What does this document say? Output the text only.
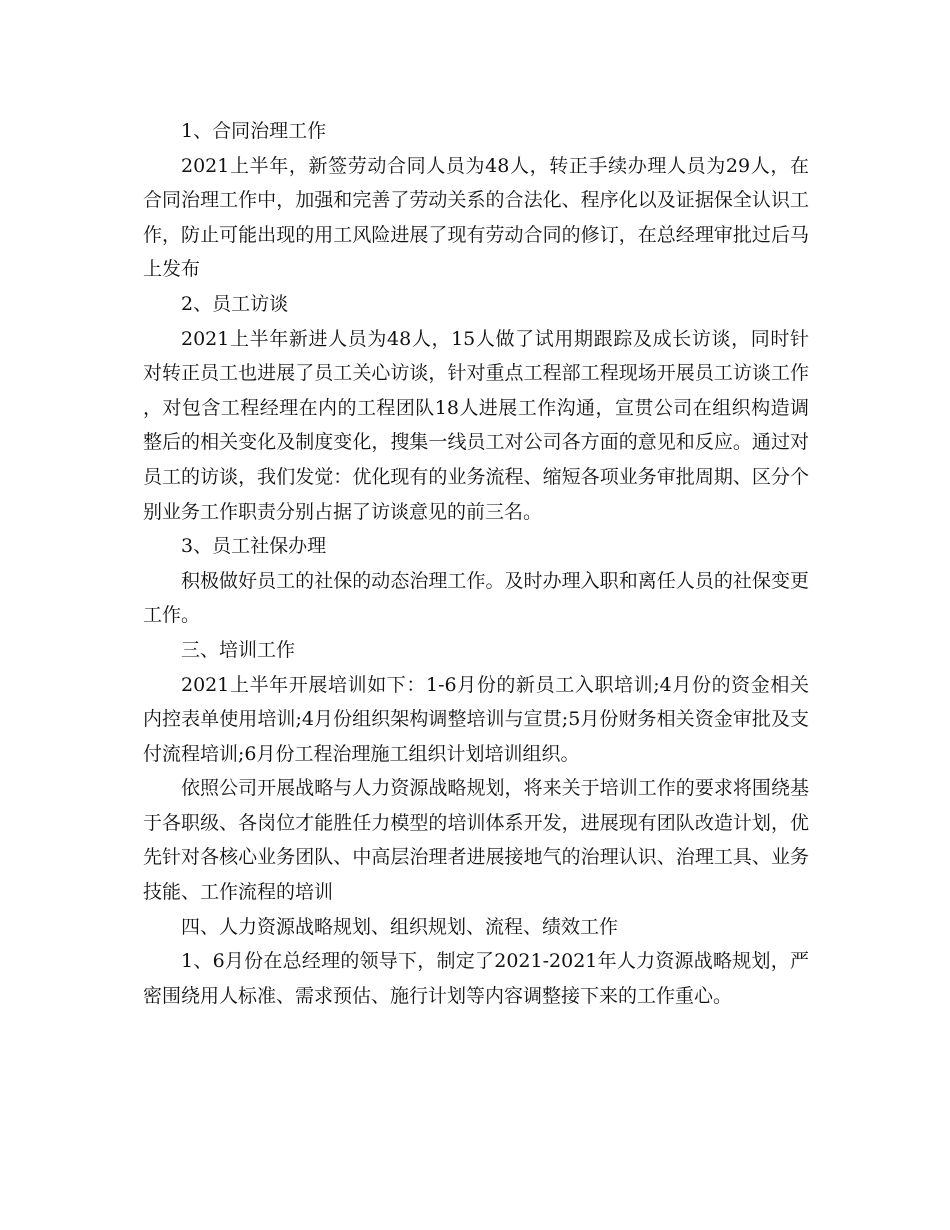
1、合同治理工作

2021上半年，新签劳动合同人员为48人，转正手续办理人员为29人，在合同治理工作中，加强和完善了劳动关系的合法化、程序化以及证据保全认识工作，防止可能出现的用工风险进展了现有劳动合同的修订，在总经理审批过后马上发布

2、员工访谈

2021上半年新进人员为48人，15人做了试用期跟踪及成长访谈，同时针对转正员工也进展了员工关心访谈，针对重点工程部工程现场开展员工访谈工作，对包含工程经理在内的工程团队18人进展工作沟通，宣贯公司在组织构造调整后的相关变化及制度变化，搜集一线员工对公司各方面的意见和反应。通过对员工的访谈，我们发觉：优化现有的业务流程、缩短各项业务审批周期、区分个别业务工作职责分别占据了访谈意见的前三名。

3、员工社保办理

积极做好员工的社保的动态治理工作。及时办理入职和离任人员的社保变更工作。

三、培训工作

2021上半年开展培训如下：1-6月份的新员工入职培训;4月份的资金相关内控表单使用培训;4月份组织架构调整培训与宣贯;5月份财务相关资金审批及支付流程培训;6月份工程治理施工组织计划培训组织。

依照公司开展战略与人力资源战略规划，将来关于培训工作的要求将围绕基于各职级、各岗位才能胜任力模型的培训体系开发，进展现有团队改造计划，优先针对各核心业务团队、中高层治理者进展接地气的治理认识、治理工具、业务技能、工作流程的培训

四、人力资源战略规划、组织规划、流程、绩效工作

1、6月份在总经理的领导下，制定了2021-2021年人力资源战略规划，严密围绕用人标准、需求预估、施行计划等内容调整接下来的工作重心。
